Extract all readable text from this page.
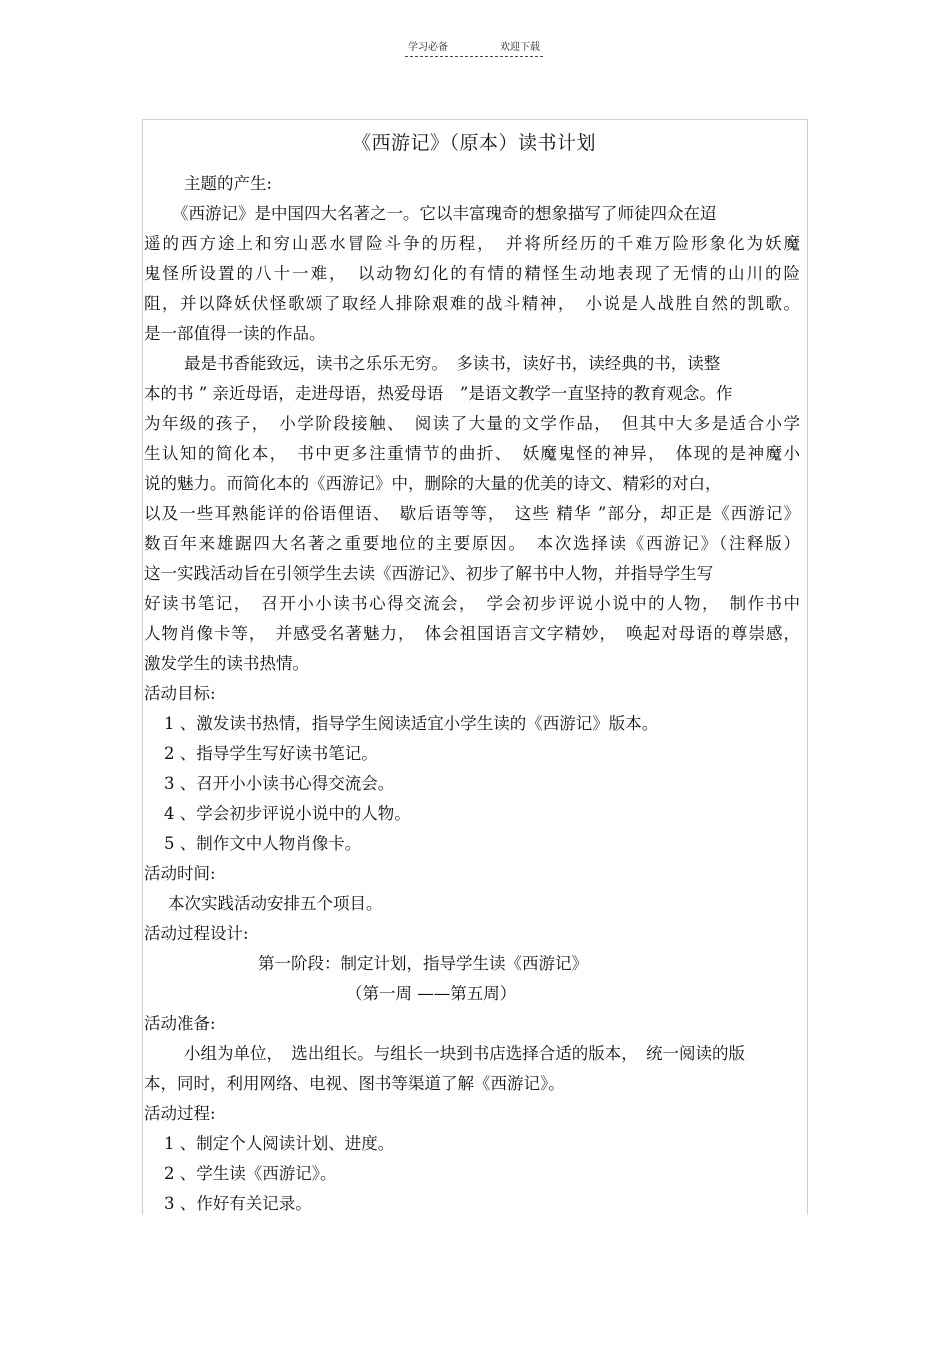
学习必备	欢迎下载
《西游记》（原本）读书计划
主题的产生:
《西游记》是中国四大名著之一。它以丰富瑰奇的想象描写了师徒四众在迢
遥的西方途上和穷山恶水冒险斗争的历程，　并将所经历的千难万险形象化为妖魔
鬼怪所设置的八十一难，　以动物幻化的有情的精怪生动地表现了无情的山川的险
阻，并以降妖伏怪歌颂了取经人排除艰难的战斗精神，　小说是人战胜自然的凯歌。
是一部值得一读的作品。
最是书香能致远，读书之乐乐无穷。　多读书，读好书，读经典的书，读整
本的书 ” 亲近母语，走进母语，热爱母语　”是语文教学一直坚持的教育观念。作
为年级的孩子，　小学阶段接触、　阅读了大量的文学作品，　但其中大多是适合小学
生认知的简化本，　书中更多注重情节的曲折、　妖魔鬼怪的神异，　体现的是神魔小
说的魅力。而简化本的《西游记》中，删除的大量的优美的诗文、精彩的对白，
以及一些耳熟能详的俗语俚语、　歇后语等等，　这些 精华 ”部分，却正是《西游记》
数百年来雄踞四大名著之重要地位的主要原因。　本次选择读《西游记》（注释版）
这一实践活动旨在引领学生去读《西游记》、初步了解书中人物，并指导学生写
好读书笔记，　召开小小读书心得交流会，　学会初步评说小说中的人物，　制作书中
人物肖像卡等，　并感受名著魅力，　体会祖国语言文字精妙，　唤起对母语的尊崇感，
激发学生的读书热情。
活动目标:
1 、激发读书热情，指导学生阅读适宜小学生读的《西游记》版本。
2 、指导学生写好读书笔记。
3 、召开小小读书心得交流会。
4 、学会初步评说小说中的人物。
5 、制作文中人物肖像卡。
活动时间:
本次实践活动安排五个项目。
活动过程设计:
第一阶段：制定计划，指导学生读《西游记》
（第一周 ——第五周）
活动准备:
小组为单位，　选出组长。与组长一块到书店选择合适的版本，　统一阅读的版
本，同时，利用网络、电视、图书等渠道了解《西游记》。
活动过程:
1 、制定个人阅读计划、进度。
2 、学生读《西游记》。
3 、作好有关记录。
